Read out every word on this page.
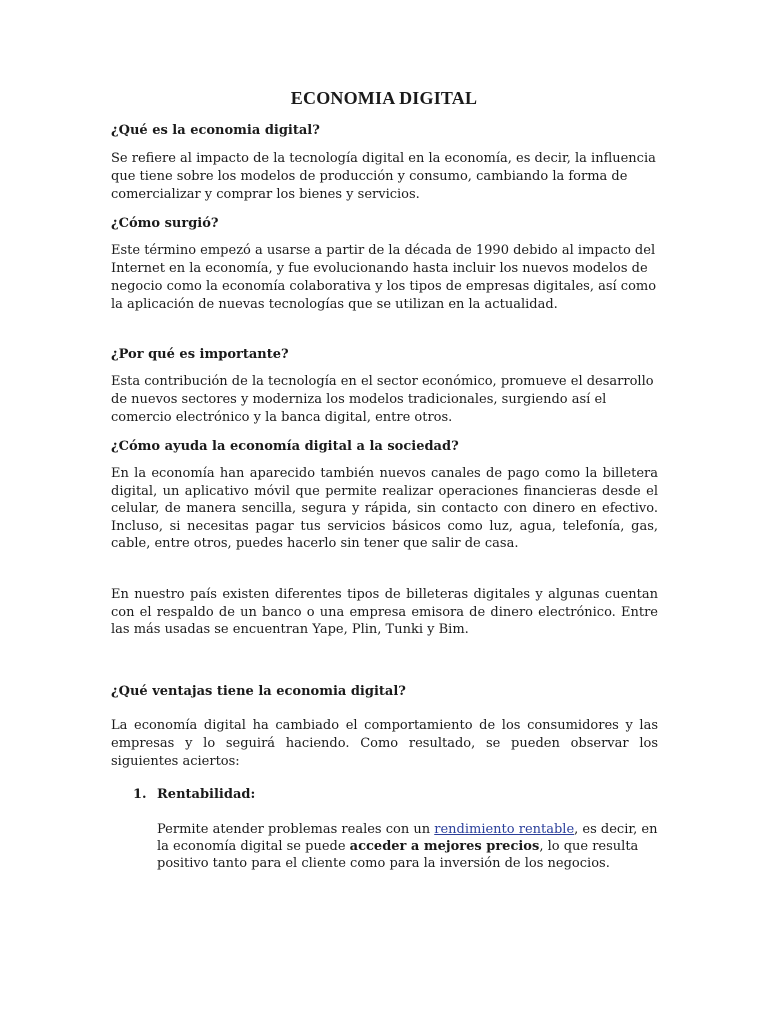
ECONOMIA DIGITAL
¿Qué es la economia digital?
Se refiere al impacto de la tecnología digital en la economía, es decir, la influencia que tiene sobre los modelos de producción y consumo, cambiando la forma de comercializar y comprar los bienes y servicios.
¿Cómo surgió?
Este término empezó a usarse a partir de la década de 1990 debido al impacto del Internet en la economía, y fue evolucionando hasta incluir los nuevos modelos de negocio como la economía colaborativa y los tipos de empresas digitales, así como la aplicación de nuevas tecnologías que se utilizan en la actualidad.
¿Por qué es importante?
Esta contribución de la tecnología en el sector económico, promueve el desarrollo de nuevos sectores y moderniza los modelos tradicionales, surgiendo así el comercio electrónico y la banca digital, entre otros.
¿Cómo ayuda la economía digital a la sociedad?
En la economía han aparecido también nuevos canales de pago como la billetera digital, un aplicativo móvil que permite realizar operaciones financieras desde el celular, de manera sencilla, segura y rápida, sin contacto con dinero en efectivo. Incluso, si necesitas pagar tus servicios básicos como luz, agua, telefonía, gas, cable, entre otros, puedes hacerlo sin tener que salir de casa.
En nuestro país existen diferentes tipos de billeteras digitales y algunas cuentan con el respaldo de un banco o una empresa emisora de dinero electrónico. Entre las más usadas se encuentran Yape, Plin, Tunki y Bim.
¿Qué ventajas tiene la economia digital?
La economía digital ha cambiado el comportamiento de los consumidores y las empresas y lo seguirá haciendo. Como resultado, se pueden observar los siguientes aciertos:
1. Rentabilidad:
Permite atender problemas reales con un rendimiento rentable, es decir, en la economía digital se puede acceder a mejores precios, lo que resulta positivo tanto para el cliente como para la inversión de los negocios.
